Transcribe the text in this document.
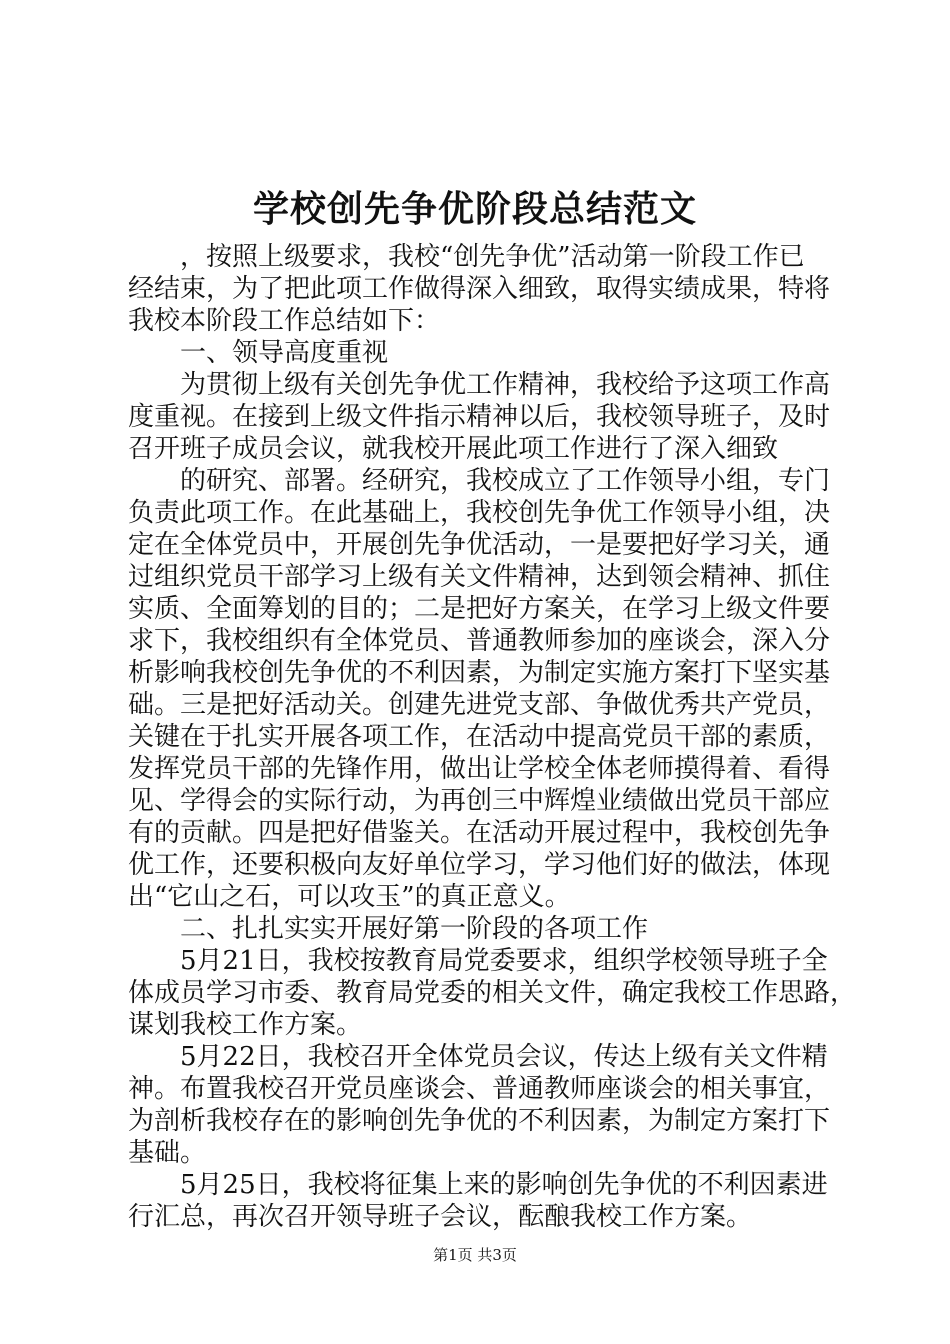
学校创先争优阶段总结范文
，按照上级要求，我校“创先争优”活动第一阶段工作已
经结束，为了把此项工作做得深入细致，取得实绩成果，特将
我校本阶段工作总结如下：
一、领导高度重视
为贯彻上级有关创先争优工作精神，我校给予这项工作高
度重视。在接到上级文件指示精神以后，我校领导班子，及时
召开班子成员会议，就我校开展此项工作进行了深入细致
的研究、部署。经研究，我校成立了工作领导小组，专门
负责此项工作。在此基础上，我校创先争优工作领导小组，决
定在全体党员中，开展创先争优活动，一是要把好学习关，通
过组织党员干部学习上级有关文件精神，达到领会精神、抓住
实质、全面筹划的目的；二是把好方案关，在学习上级文件要
求下，我校组织有全体党员、普通教师参加的座谈会，深入分
析影响我校创先争优的不利因素，为制定实施方案打下坚实基
础。三是把好活动关。创建先进党支部、争做优秀共产党员，
关键在于扎实开展各项工作，在活动中提高党员干部的素质，
发挥党员干部的先锋作用，做出让学校全体老师摸得着、看得
见、学得会的实际行动，为再创三中辉煌业绩做出党员干部应
有的贡献。四是把好借鉴关。在活动开展过程中，我校创先争
优工作，还要积极向友好单位学习，学习他们好的做法，体现
出“它山之石，可以攻玉”的真正意义。
二、扎扎实实开展好第一阶段的各项工作
5月21日，我校按教育局党委要求，组织学校领导班子全
体成员学习市委、教育局党委的相关文件，确定我校工作思路，
谋划我校工作方案。
5月22日，我校召开全体党员会议，传达上级有关文件精
神。布置我校召开党员座谈会、普通教师座谈会的相关事宜，
为剖析我校存在的影响创先争优的不利因素，为制定方案打下
基础。
5月25日，我校将征集上来的影响创先争优的不利因素进
行汇总，再次召开领导班子会议，酝酿我校工作方案。
第1页 共3页
